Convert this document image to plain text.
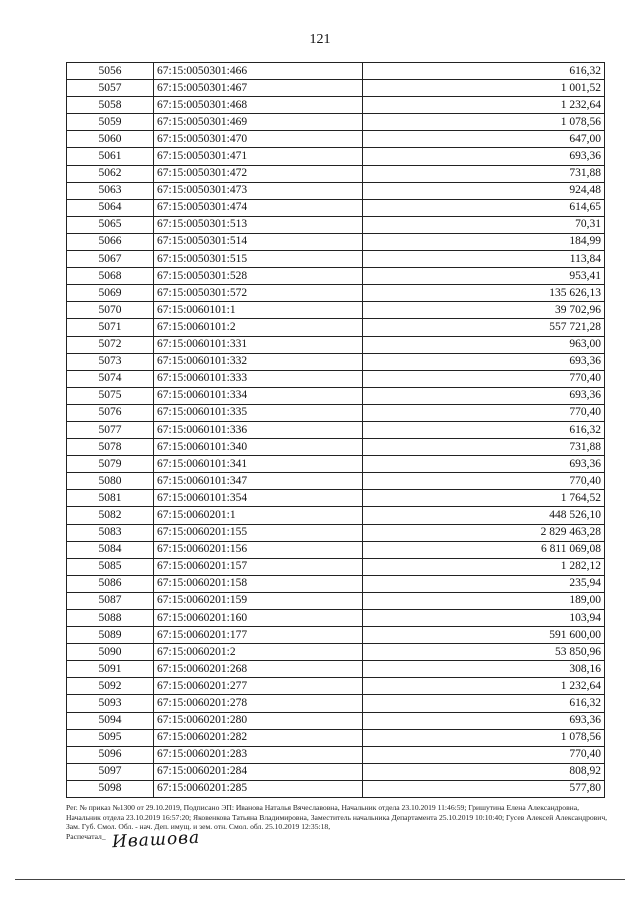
121
5056	67:15:0050301:466	616,32
5057	67:15:0050301:467	1 001,52
5058	67:15:0050301:468	1 232,64
5059	67:15:0050301:469	1 078,56
5060	67:15:0050301:470	647,00
5061	67:15:0050301:471	693,36
5062	67:15:0050301:472	731,88
5063	67:15:0050301:473	924,48
5064	67:15:0050301:474	614,65
5065	67:15:0050301:513	70,31
5066	67:15:0050301:514	184,99
5067	67:15:0050301:515	113,84
5068	67:15:0050301:528	953,41
5069	67:15:0050301:572	135 626,13
5070	67:15:0060101:1	39 702,96
5071	67:15:0060101:2	557 721,28
5072	67:15:0060101:331	963,00
5073	67:15:0060101:332	693,36
5074	67:15:0060101:333	770,40
5075	67:15:0060101:334	693,36
5076	67:15:0060101:335	770,40
5077	67:15:0060101:336	616,32
5078	67:15:0060101:340	731,88
5079	67:15:0060101:341	693,36
5080	67:15:0060101:347	770,40
5081	67:15:0060101:354	1 764,52
5082	67:15:0060201:1	448 526,10
5083	67:15:0060201:155	2 829 463,28
5084	67:15:0060201:156	6 811 069,08
5085	67:15:0060201:157	1 282,12
5086	67:15:0060201:158	235,94
5087	67:15:0060201:159	189,00
5088	67:15:0060201:160	103,94
5089	67:15:0060201:177	591 600,00
5090	67:15:0060201:2	53 850,96
5091	67:15:0060201:268	308,16
5092	67:15:0060201:277	1 232,64
5093	67:15:0060201:278	616,32
5094	67:15:0060201:280	693,36
5095	67:15:0060201:282	1 078,56
5096	67:15:0060201:283	770,40
5097	67:15:0060201:284	808,92
5098	67:15:0060201:285	577,80
Рег. № приказ №1300 от 29.10.2019, Подписано ЭП: Иванова Наталья Вячеславовна, Начальник отдела 23.10.2019 11:46:59; Гришутина Елена Александровна, Начальник отдела 23.10.2019 16:57:20; Яковенкова Татьяна Владимировна, Заместитель начальника Департамента 25.10.2019 10:10:40; Гусев Алексей Александрович, Зам. Губ. Смол. Обл. - нач. Деп. имущ. и зем. отн. Смол. обл. 25.10.2019 12:35:18,
Распечатал_ Ивашова
